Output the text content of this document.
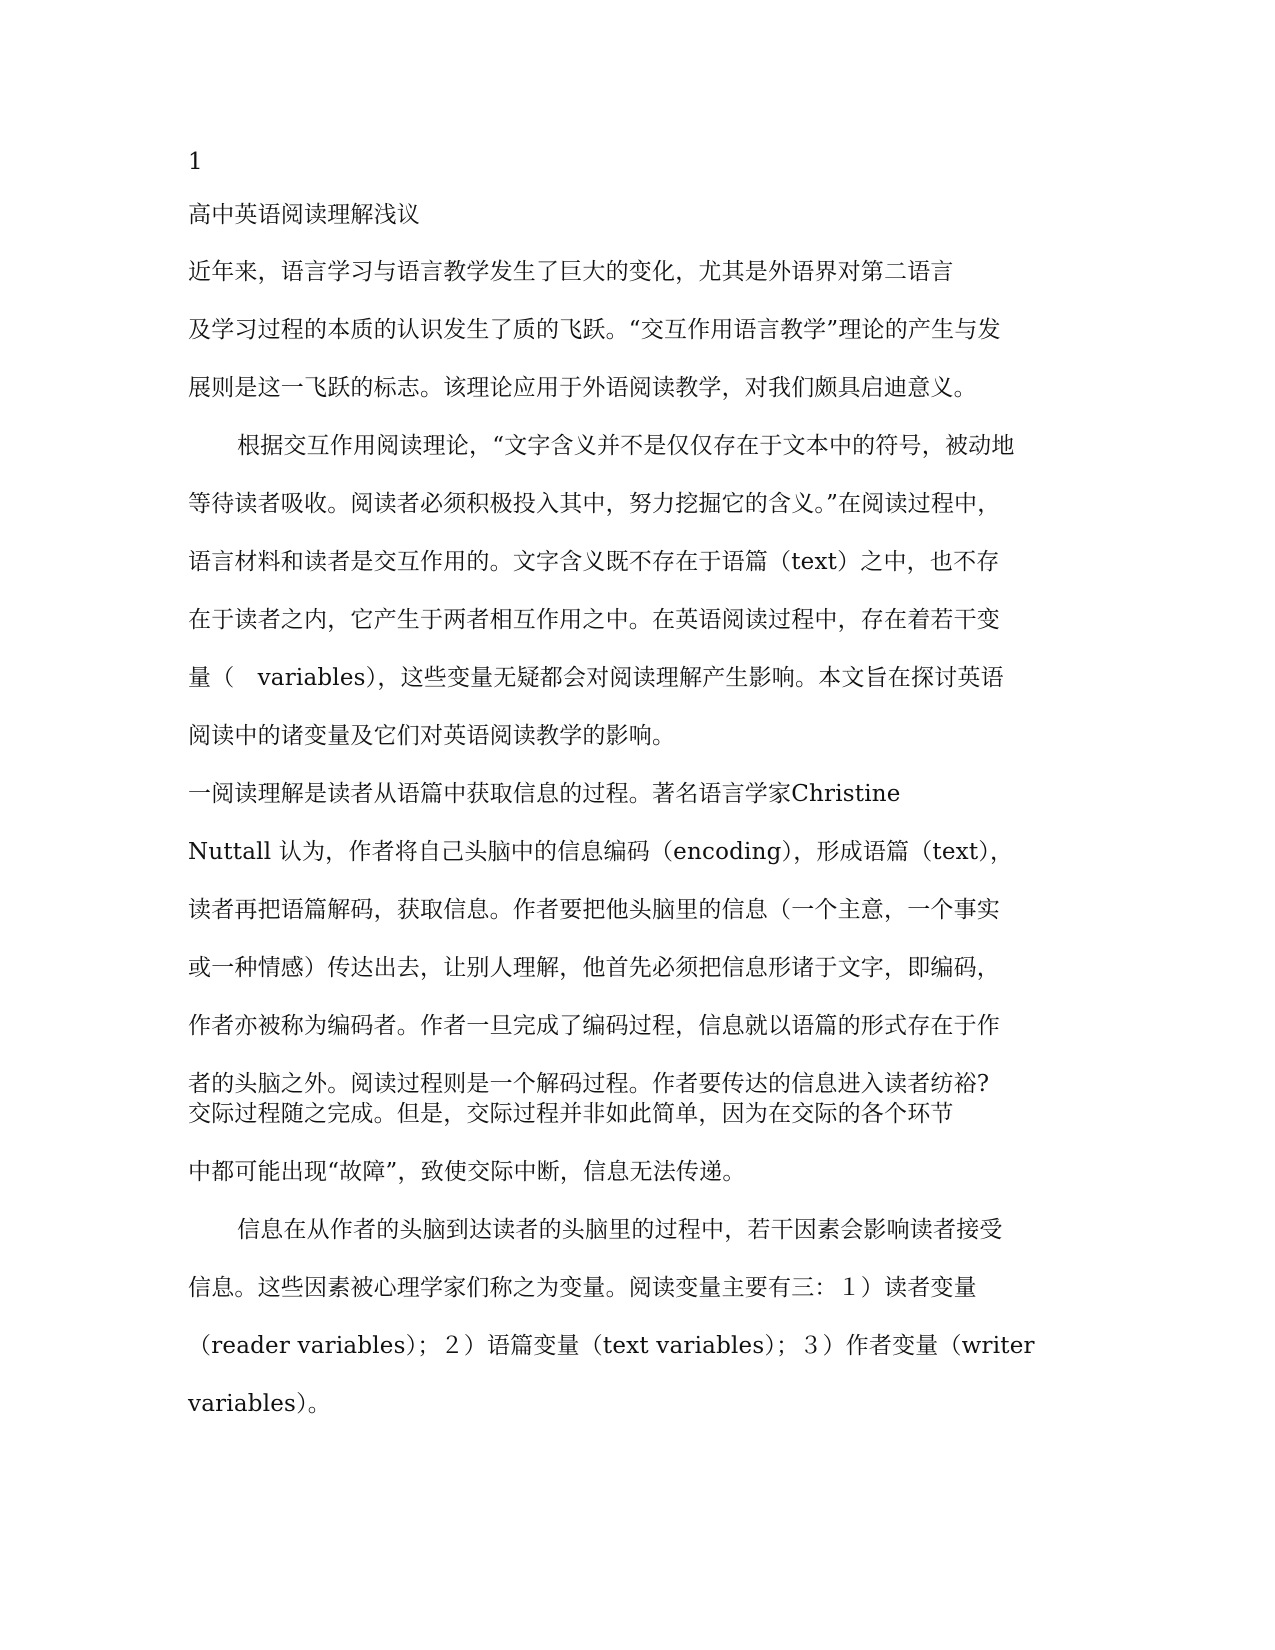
1
高中英语阅读理解浅议
近年来，语言学习与语言教学发生了巨大的变化，尤其是外语界对第二语言
及学习过程的本质的认识发生了质的飞跃。“交互作用语言教学”理论的产生与发
展则是这一飞跃的标志。该理论应用于外语阅读教学，对我们颇具启迪意义。
根据交互作用阅读理论，“文字含义并不是仅仅存在于文本中的符号，被动地
等待读者吸收。阅读者必须积极投入其中，努力挖掘它的含义。”在阅读过程中，
语言材料和读者是交互作用的。文字含义既不存在于语篇（text）之中，也不存
在于读者之内，它产生于两者相互作用之中。在英语阅读过程中，存在着若干变
量（　variables），这些变量无疑都会对阅读理解产生影响。本文旨在探讨英语
阅读中的诸变量及它们对英语阅读教学的影响。
一阅读理解是读者从语篇中获取信息的过程。著名语言学家Christine
Nuttall 认为，作者将自己头脑中的信息编码（encoding），形成语篇（text），
读者再把语篇解码，获取信息。作者要把他头脑里的信息（一个主意，一个事实
或一种情感）传达出去，让别人理解，他首先必须把信息形诸于文字，即编码，
作者亦被称为编码者。作者一旦完成了编码过程，信息就以语篇的形式存在于作
者的头脑之外。阅读过程则是一个解码过程。作者要传达的信息进入读者纺裕?
交际过程随之完成。但是，交际过程并非如此简单，因为在交际的各个环节
中都可能出现“故障”，致使交际中断，信息无法传递。
信息在从作者的头脑到达读者的头脑里的过程中，若干因素会影响读者接受
信息。这些因素被心理学家们称之为变量。阅读变量主要有三：１）读者变量
（reader variables）；２）语篇变量（text variables）；３）作者变量（writer
variables）。
